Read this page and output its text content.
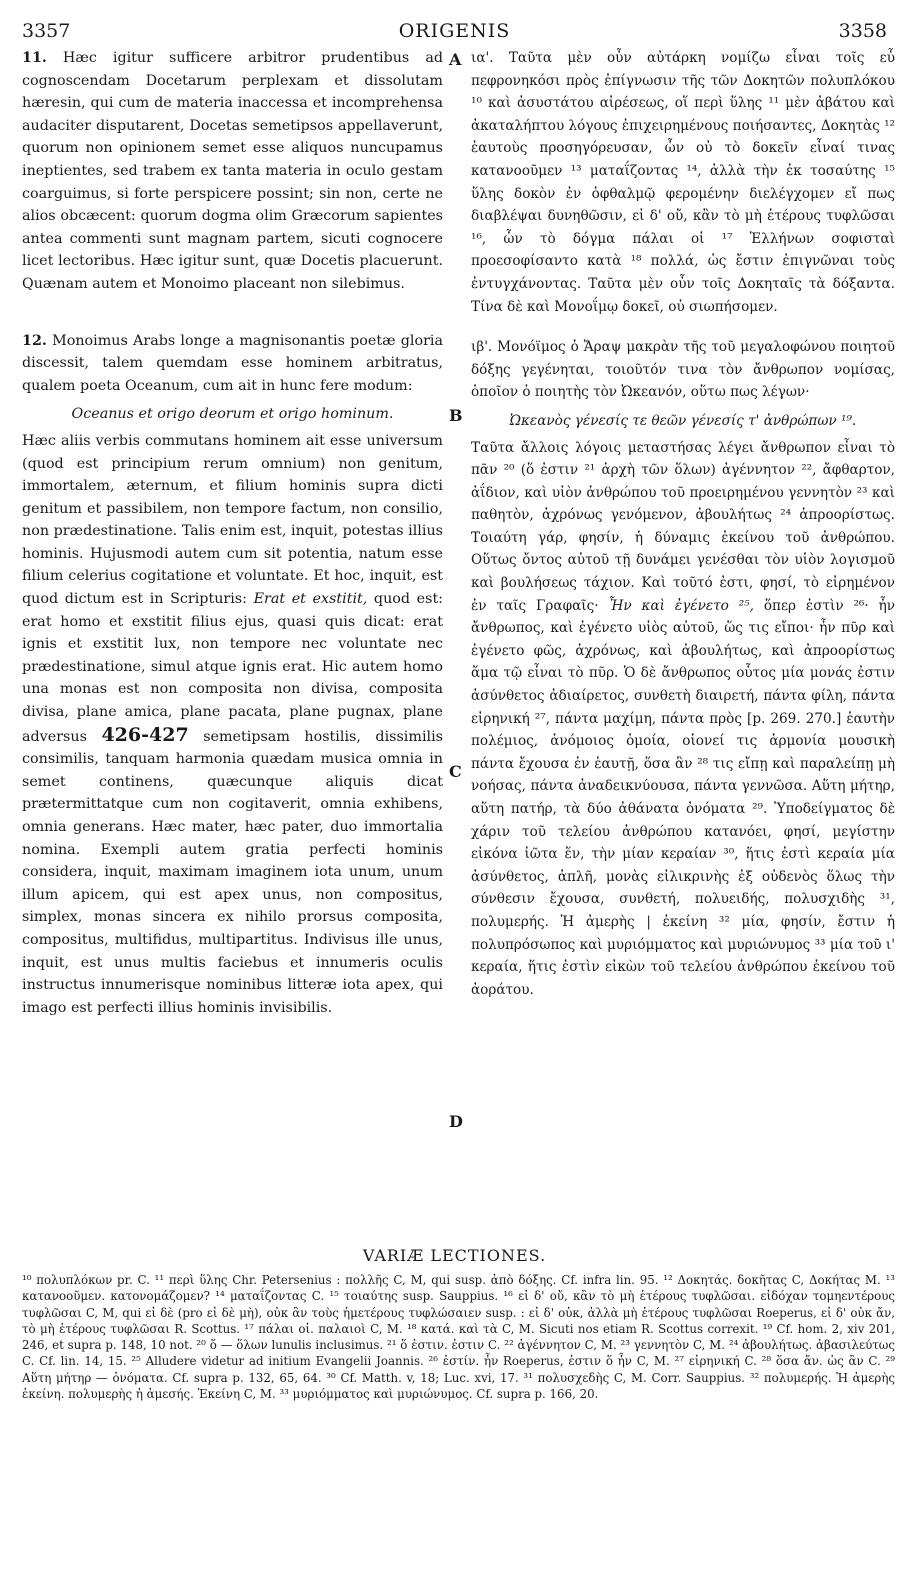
3357	ORIGENIS	3358
A
B
C
D

11. Hæc igitur sufficere arbitror prudentibus ad cognoscendam Docetarum perplexam et dissolutam hæresin, qui cum de materia inaccessa et incomprehensa audaciter disputarent, Docetas semetipsos appellaverunt, quorum non opinionem semet esse aliquos nuncupamus ineptientes, sed trabem ex tanta materia in oculo gestam coarguimus, si forte perspicere possint; sin non, certe ne alios obcæcent: quorum dogma olim Græcorum sapientes antea commenti sunt magnam partem, sicuti cognocere licet lectoribus. Hæc igitur sunt, quæ Docetis placuerunt. Quænam autem et Monoimo placeant non silebimus.

12. Monoimus Arabs longe a magnisonantis poetæ gloria discessit, talem quemdam esse hominem arbitratus, qualem poeta Oceanum, cum ait in hunc fere modum:

Oceanus et origo deorum et origo hominum.

Hæc aliis verbis commutans hominem ait esse universum (quod est principium rerum omnium) non genitum, immortalem, æternum, et filium hominis supra dicti genitum et passibilem, non tempore factum, non consilio, non prædestinatione. Talis enim est, inquit, potestas illius hominis. Hujusmodi autem cum sit potentia, natum esse filium celerius cogitatione et voluntate. Et hoc, inquit, est quod dictum est in Scripturis: Erat et exstitit, quod est: erat homo et exstitit filius ejus, quasi quis dicat: erat ignis et exstitit lux, non tempore nec voluntate nec prædestinatione, simul atque ignis erat. Hic autem homo una monas est non composita non divisa, composita divisa, plane amica, plane pacata, plane pugnax, plane adversus 426-427 semetipsam hostilis, dissimilis consimilis, tanquam harmonia quædam musica omnia in semet continens, quæcunque aliquis dicat prætermittatque cum non cogitaverit, omnia exhibens, omnia generans. Hæc mater, hæc pater, duo immortalia nomina. Exempli autem gratia perfecti hominis considera, inquit, maximam imaginem iota unum, unum illum apicem, qui est apex unus, non compositus, simplex, monas sincera ex nihilo prorsus composita, compositus, multifidus, multipartitus. Indivisus ille unus, inquit, est unus multis faciebus et innumeris oculis instructus innumerisque nominibus litteræ iota apex, qui imago est perfecti illius hominis invisibilis.

ια'. Ταῦτα μὲν οὖν αὐτάρκη νομίζω εἶναι τοῖς εὖ πεφρονηκόσι πρὸς ἐπίγνωσιν τῆς τῶν Δοκητῶν πολυπλόκου ¹⁰ καὶ ἀσυστάτου αἱρέσεως, οἵ περὶ ὕλης ¹¹ μὲν ἀβάτου καὶ ἀκαταλήπτου λόγους ἐπιχειρημένους ποιήσαντες, Δοκητὰς ¹² ἑαυτοὺς προσηγόρευσαν, ὧν οὐ τὸ δοκεῖν εἶναί τινας κατανοοῦμεν ¹³ ματαΐζοντας ¹⁴, ἀλλὰ τὴν ἐκ τοσαύτης ¹⁵ ὕλης δοκὸν ἐν ὀφθαλμῷ φερομένην διελέγχομεν εἴ πως διαβλέψαι δυνηθῶσιν, εἰ δ' οὔ, κἂν τὸ μὴ ἑτέρους τυφλῶσαι ¹⁶, ὧν τὸ δόγμα πάλαι οἱ ¹⁷ Ἑλλήνων σοφισταὶ προεσοφίσαντο κατὰ ¹⁸ πολλά, ὡς ἔστιν ἐπιγνῶναι τοὺς ἐντυγχάνοντας. Ταῦτα μὲν οὖν τοῖς Δοκηταῖς τὰ δόξαντα. Τίνα δὲ καὶ Μονοΐμῳ δοκεῖ, οὐ σιωπήσομεν.

ιβ'. Μονόϊμος ὁ Ἄραψ μακρὰν τῆς τοῦ μεγαλοφώνου ποιητοῦ δόξης γεγένηται, τοιοῦτόν τινα τὸν ἄνθρωπον νομίσας, ὁποῖον ὁ ποιητὴς τὸν Ὠκεανόν, οὕτω πως λέγων·

Ὠκεανὸς γένεσίς τε θεῶν γένεσίς τ' ἀνθρώπων ¹⁹.

Ταῦτα ἄλλοις λόγοις μεταστήσας λέγει ἄνθρωπον εἶναι τὸ πᾶν ²⁰ (ὅ ἐστιν ²¹ ἀρχὴ τῶν ὅλων) ἀγέννητον ²², ἄφθαρτον, ἀΐδιον, καὶ υἱὸν ἀνθρώπου τοῦ προειρημένου γεννητὸν ²³ καὶ παθητὸν, ἀχρόνως γενόμενον, ἀβουλήτως ²⁴ ἀπροορίστως. Τοιαύτη γάρ, φησίν, ἡ δύναμις ἐκείνου τοῦ ἀνθρώπου. Οὕτως ὄντος αὐτοῦ τῇ δυνάμει γενέσθαι τὸν υἱὸν λογισμοῦ καὶ βουλήσεως τάχιον. Καὶ τοῦτό ἐστι, φησί, τὸ εἰρημένον ἐν ταῖς Γραφαῖς· Ἦν καὶ ἐγένετο ²⁵, ὅπερ ἐστὶν ²⁶· ἦν ἄνθρωπος, καὶ ἐγένετο υἱὸς αὐτοῦ, ὥς τις εἴποι· ἦν πῦρ καὶ ἐγένετο φῶς, ἀχρόνως, καὶ ἀβουλήτως, καὶ ἀπροορίστως ἅμα τῷ εἶναι τὸ πῦρ. Ὁ δὲ ἄνθρωπος οὗτος μία μονάς ἐστιν ἀσύνθετος ἀδιαίρετος, συνθετὴ διαιρετή, πάντα φίλη, πάντα εἰρηνική ²⁷, πάντα μαχίμη, πάντα πρὸς [p. 269. 270.] ἑαυτὴν πολέμιος, ἀνόμοιος ὁμοία, οἱονεί τις ἁρμονία μουσικὴ πάντα ἔχουσα ἐν ἑαυτῇ, ὅσα ἂν ²⁸ τις εἴπῃ καὶ παραλείπῃ μὴ νοήσας, πάντα ἀναδεικνύουσα, πάντα γεννῶσα. Αὕτη μήτηρ, αὕτη πατήρ, τὰ δύο ἀθάνατα ὀνόματα ²⁹. Ὑποδείγματος δὲ χάριν τοῦ τελείου ἀνθρώπου κατανόει, φησί, μεγίστην εἰκόνα ἰῶτα ἕν, τὴν μίαν κεραίαν ³⁰, ἥτις ἐστὶ κεραία μία ἀσύνθετος, ἁπλῆ, μονὰς εἰλικρινὴς ἐξ οὐδενὸς ὅλως τὴν σύνθεσιν ἔχουσα, συνθετή, πολυειδής, πολυσχιδὴς ³¹, πολυμερής. Ἡ ἀμερὴς | ἐκείνη ³² μία, φησίν, ἔστιν ἡ πολυπρόσωπος καὶ μυριόμματος καὶ μυριώνυμος ³³ μία τοῦ ι' κεραία, ἥτις ἐστὶν εἰκὼν τοῦ τελείου ἀνθρώπου ἐκείνου τοῦ ἀοράτου.

VARIÆ LECTIONES.

¹⁰ πολυπλόκων pr. C. ¹¹ περὶ ὕλης Chr. Petersenius : πολλῆς C, M, qui susp. ἀπὸ δόξης. Cf. infra lin. 95. ¹² Δοκητάς. δοκῆτας C, Δοκήτας M. ¹³ κατανοοῦμεν. κατονομάζομεν? ¹⁴ ματαΐζοντας C. ¹⁵ τοιαύτης susp. Sauppius. ¹⁶ εἰ δ' οὔ, κἂν τὸ μὴ ἑτέρους τυφλῶσαι. εἰδόχαν τομηεντέρους τυφλῶσαι C, M, qui εἰ δὲ (pro εἰ δὲ μὴ), οὐκ ἂν τοὺς ἡμετέρους τυφλώσαιεν susp. : εἰ δ' οὐκ, ἀλλὰ μὴ ἑτέρους τυφλῶσαι Roeperus, εἰ δ' οὐκ ἄν, τὸ μὴ ἑτέρους τυφλῶσαι R. Scottus. ¹⁷ πάλαι οἱ. παλαιοὶ C, M. ¹⁸ κατά. καὶ τὰ C, M. Sicuti nos etiam R. Scottus correxit. ¹⁹ Cf. hom. 2, xiv 201, 246, et supra p. 148, 10 not. ²⁰ ὅ — ὅλων lunulis inclusimus. ²¹ ὅ ἐστιν. ἐστιν C. ²² ἀγέννητον C, M. ²³ γεννητὸν C, M. ²⁴ ἀβουλήτως. ἀβασιλεύτως C. Cf. lin. 14, 15. ²⁵ Alludere videtur ad initium Evangelii Joannis. ²⁶ ἐστίν. ἦν Roeperus, ἐστιν ὅ ἦν C, M. ²⁷ εἰρηνική C. ²⁸ ὅσα ἄν. ὡς ἂν C. ²⁹ Αὕτη μήτηρ — ὀνόματα. Cf. supra p. 132, 65, 64. ³⁰ Cf. Matth. v, 18; Luc. xvi, 17. ³¹ πολυσχεδὴς C, M. Corr. Sauppius. ³² πολυμερής. Ἡ ἀμερὴς ἐκείνη. πολυμερὴς ἡ ἀμεσής. Ἐκείνη C, M. ³³ μυριόμματος καὶ μυριώνυμος. Cf. supra p. 166, 20.
